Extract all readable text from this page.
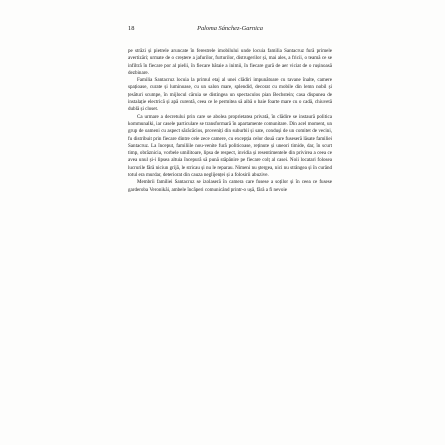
18	Paloma Sánchez-Garnica

pe străzi și pietrele aruncate în ferestrele imobilului unde locuia familia Santacruz fură primele avertizări; urmate de o creștere a jafurilor, furturilor, distrugerilor și, mai ales, a fricii, o teamă ce se infiltră în fiecare por al pielii, în fiecare bătaie a inimii, în fiecare gură de aer viciat de o rușinoasă dezbinare.

Familia Santacruz locuia la primul etaj al unei clădiri impunătoare cu tavane înalte, camere spațioase, curate și luminoase, cu un salon mare, splendid, decorat cu mobile din lemn nobil și țesături scumpe, în mijlocul căruia se distingea un spectaculos pian Bechstein; casa dispunea de instalație electrică și apă curentă, ceea ce le permitea să aibă o baie foarte mare cu o cadă, chiuvetă dublă și closet.

Ca urmare a decretului prin care se abolea proprietatea privată, în clădire se instaură politica kommunalki, iar casele particulare se transformară în apartamente comunitare. Din acel moment, un grup de oameni cu aspect sărăcăcios, proveniți din suburbii și sate, conduși de un comitet de vecini, fu distribuit prin fiecare dintre cele zece camere, cu excepția celor două care fuseseră lăsate familiei Santacruz. La început, familiile nou-venite fură politicoase, reținute și uneori timide, dar, în scurt timp, obrăznicia, vorbele umilitoare, lipsa de respect, invidia și resentimentele din privirea a ceea ce avea unul și-i lipsea altuia începură să pună stăpânire pe fiecare colț al casei. Noii locatari folosea lucrurile fără niciun grijă, le stricau și nu le reparau. Nimeni nu ștergea, nici nu strângea și în curând totul era murdar, deteriorat din cauza neglijenței și a folosirii abuzive.

Membrii familiei Santacruz se izolaseră în camera care fusese a soților și în ceea ce fusese garderoba Veronikăi, ambele încăperi comunicând printr-o ușă, fără a fi nevoie
